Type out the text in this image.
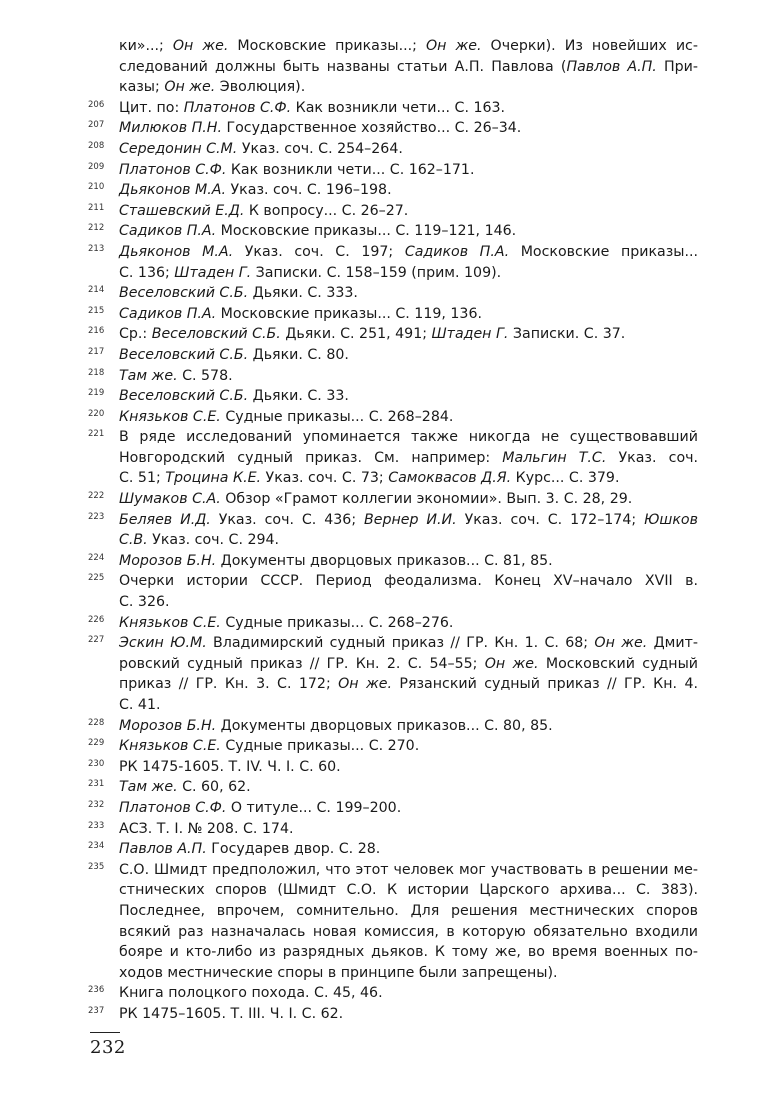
ки»...; Он же. Московские приказы...; Он же. Очерки). Из новейших ис-
следований должны быть названы статьи А.П. Павлова (Павлов А.П. При-
казы; Он же. Эволюция).
206 Цит. по: Платонов С.Ф. Как возникли чети... С. 163.
207 Милюков П.Н. Государственное хозяйство... С. 26–34.
208 Середонин С.М. Указ. соч. С. 254–264.
209 Платонов С.Ф. Как возникли чети... С. 162–171.
210 Дьяконов М.А. Указ. соч. С. 196–198.
211 Сташевский Е.Д. К вопросу... С. 26–27.
212 Садиков П.А. Московские приказы... С. 119–121, 146.
213 Дьяконов М.А. Указ. соч. С. 197; Садиков П.А. Московские приказы...
С. 136; Штаден Г. Записки. С. 158–159 (прим. 109).
214 Веселовский С.Б. Дьяки. С. 333.
215 Садиков П.А. Московские приказы... С. 119, 136.
216 Ср.: Веселовский С.Б. Дьяки. С. 251, 491; Штаден Г. Записки. С. 37.
217 Веселовский С.Б. Дьяки. С. 80.
218 Там же. С. 578.
219 Веселовский С.Б. Дьяки. С. 33.
220 Князьков С.Е. Судные приказы... С. 268–284.
221 В ряде исследований упоминается также никогда не существовавший
Новгородский судный приказ. См. например: Мальгин Т.С. Указ. соч.
С. 51; Троцина К.Е. Указ. соч. С. 73; Самоквасов Д.Я. Курс... С. 379.
222 Шумаков С.А. Обзор «Грамот коллегии экономии». Вып. 3. С. 28, 29.
223 Беляев И.Д. Указ. соч. С. 436; Вернер И.И. Указ. соч. С. 172–174; Юшков
С.В. Указ. соч. С. 294.
224 Морозов Б.Н. Документы дворцовых приказов... С. 81, 85.
225 Очерки истории СССР. Период феодализма. Конец XV–начало XVII в.
С. 326.
226 Князьков С.Е. Судные приказы... С. 268–276.
227 Эскин Ю.М. Владимирский судный приказ // ГР. Кн. 1. С. 68; Он же. Дмит-
ровский судный приказ // ГР. Кн. 2. С. 54–55; Он же. Московский судный
приказ // ГР. Кн. 3. С. 172; Он же. Рязанский судный приказ // ГР. Кн. 4.
С. 41.
228 Морозов Б.Н. Документы дворцовых приказов... С. 80, 85.
229 Князьков С.Е. Судные приказы... С. 270.
230 РК 1475-1605. Т. IV. Ч. I. С. 60.
231 Там же. С. 60, 62.
232 Платонов С.Ф. О титуле... С. 199–200.
233 АСЗ. Т. I. № 208. С. 174.
234 Павлов А.П. Государев двор. С. 28.
235 С.О. Шмидт предположил, что этот человек мог участвовать в решении ме-
стнических споров (Шмидт С.О. К истории Царского архива... С. 383).
Последнее, впрочем, сомнительно. Для решения местнических споров
всякий раз назначалась новая комиссия, в которую обязательно входили
бояре и кто-либо из разрядных дьяков. К тому же, во время военных по-
ходов местнические споры в принципе были запрещены).
236 Книга полоцкого похода. С. 45, 46.
237 РК 1475–1605. Т. III. Ч. I. С. 62.
232
